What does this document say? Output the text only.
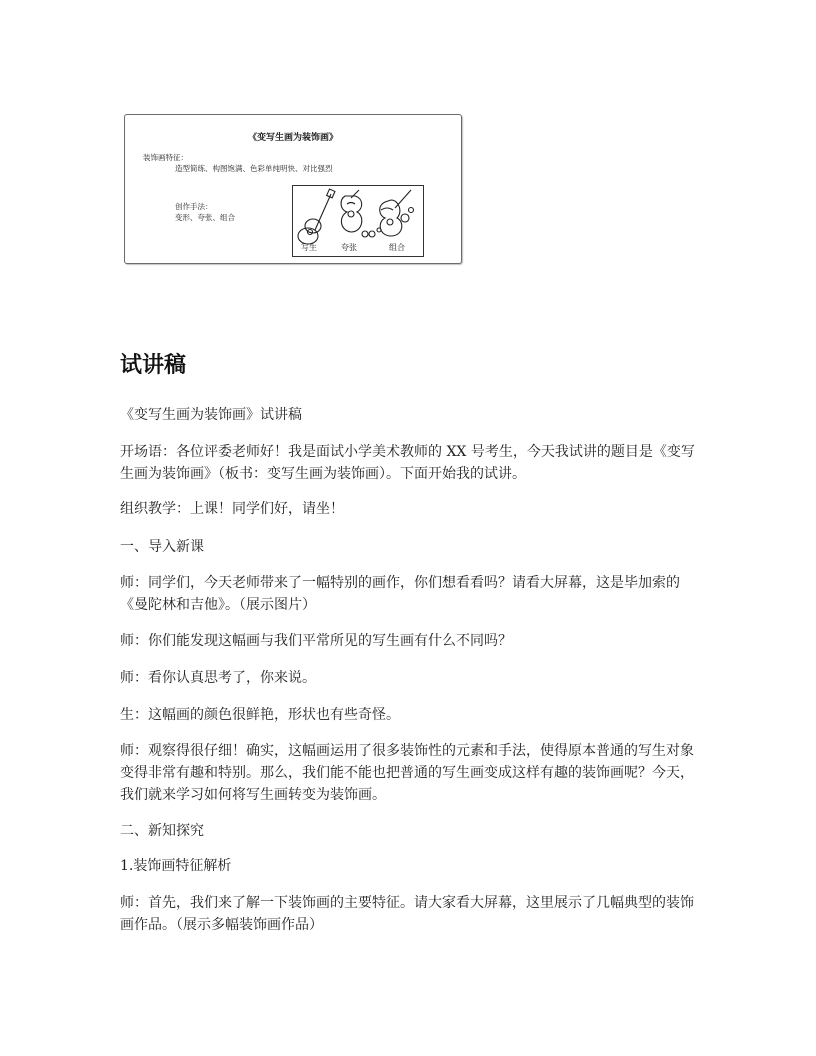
《变写生画为装饰画》
装饰画特征：
造型简练、构图饱满、色彩单纯明快、对比强烈
创作手法：
变形、夸张、组合
写生	夸张	组合
试讲稿

《变写生画为装饰画》试讲稿

开场语：各位评委老师好！我是面试小学美术教师的 XX 号考生，今天我试讲的题目是《变写生画为装饰画》（板书：变写生画为装饰画）。下面开始我的试讲。

组织教学：上课！同学们好，请坐！

一、导入新课

师：同学们，今天老师带来了一幅特别的画作，你们想看看吗？请看大屏幕，这是毕加索的《曼陀林和吉他》。（展示图片）

师：你们能发现这幅画与我们平常所见的写生画有什么不同吗？

师：看你认真思考了，你来说。

生：这幅画的颜色很鲜艳，形状也有些奇怪。

师：观察得很仔细！确实，这幅画运用了很多装饰性的元素和手法，使得原本普通的写生对象变得非常有趣和特别。那么，我们能不能也把普通的写生画变成这样有趣的装饰画呢？今天，我们就来学习如何将写生画转变为装饰画。

二、新知探究

1.装饰画特征解析

师：首先，我们来了解一下装饰画的主要特征。请大家看大屏幕，这里展示了几幅典型的装饰画作品。（展示多幅装饰画作品）
